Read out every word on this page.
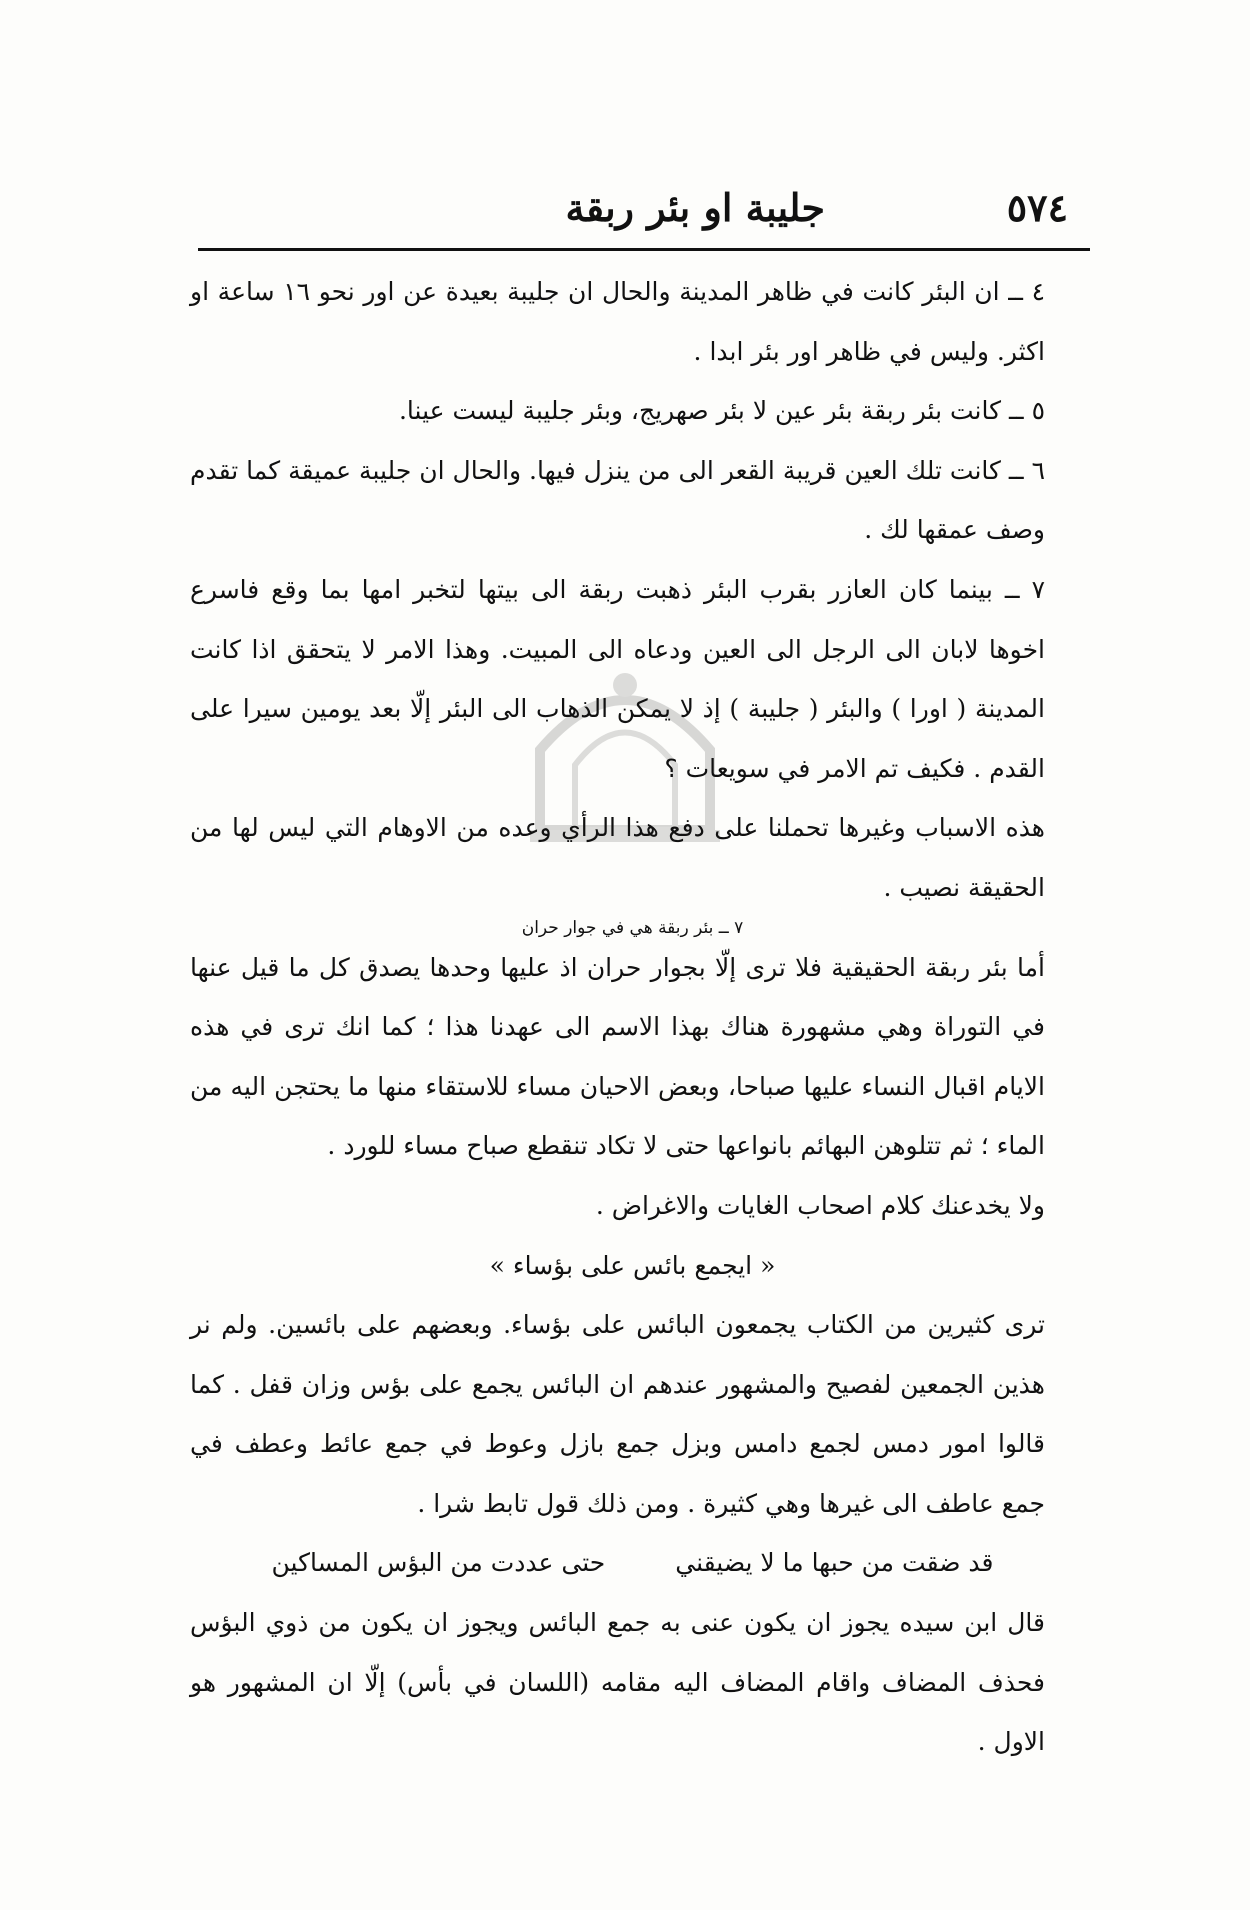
٥٧٤
جليبة او بئر ربقة

٤ ــ ان البئر كانت في ظاهر المدينة والحال ان جليبة بعيدة عن اور نحو ١٦ ساعة او اكثر. وليس في ظاهر اور بئر ابدا .

٥ ــ كانت بئر ربقة بئر عين لا بئر صهريج، وبئر جليبة ليست عينا.

٦ ــ كانت تلك العين قريبة القعر الى من ينزل فيها. والحال ان جليبة عميقة كما تقدم وصف عمقها لك .

٧ ــ بينما كان العازر بقرب البئر ذهبت ربقة الى بيتها لتخبر امها بما وقع فاسرع اخوها لابان الى الرجل الى العين ودعاه الى المبيت. وهذا الامر لا يتحقق اذا كانت المدينة ( اورا ) والبئر ( جليبة ) إذ لا يمكن الذهاب الى البئر إلّا بعد يومين سيرا على القدم . فكيف تم الامر في سويعات ؟

هذه الاسباب وغيرها تحملنا على دفع هذا الرأي وعده من الاوهام التي ليس لها من الحقيقة نصيب .

٧ ــ بئر ربقة هي في جوار حران

أما بئر ربقة الحقيقية فلا ترى إلّا بجوار حران اذ عليها وحدها يصدق كل ما قيل عنها في التوراة وهي مشهورة هناك بهذا الاسم الى عهدنا هذا ؛ كما انك ترى في هذه الايام اقبال النساء عليها صباحا، وبعض الاحيان مساء للاستقاء منها ما يحتجن اليه من الماء ؛ ثم تتلوهن البهائم بانواعها حتى لا تكاد تنقطع صباح مساء للورد .

ولا يخدعنك كلام اصحاب الغايات والاغراض .

« ايجمع بائس على بؤساء »

ترى كثيرين من الكتاب يجمعون البائس على بؤساء. وبعضهم على بائسين. ولم نر هذين الجمعين لفصيح والمشهور عندهم ان البائس يجمع على بؤس وزان قفل . كما قالوا امور دمس لجمع دامس وبزل جمع بازل وعوط في جمع عائط وعطف في جمع عاطف الى غيرها وهي كثيرة . ومن ذلك قول تابط شرا .

قد ضقت من حبها ما لا يضيقني
حتى عددت من البؤس المساكين

قال ابن سيده يجوز ان يكون عنى به جمع البائس ويجوز ان يكون من ذوي البؤس فحذف المضاف واقام المضاف اليه مقامه (اللسان في بأس) إلّا ان المشهور هو الاول .
